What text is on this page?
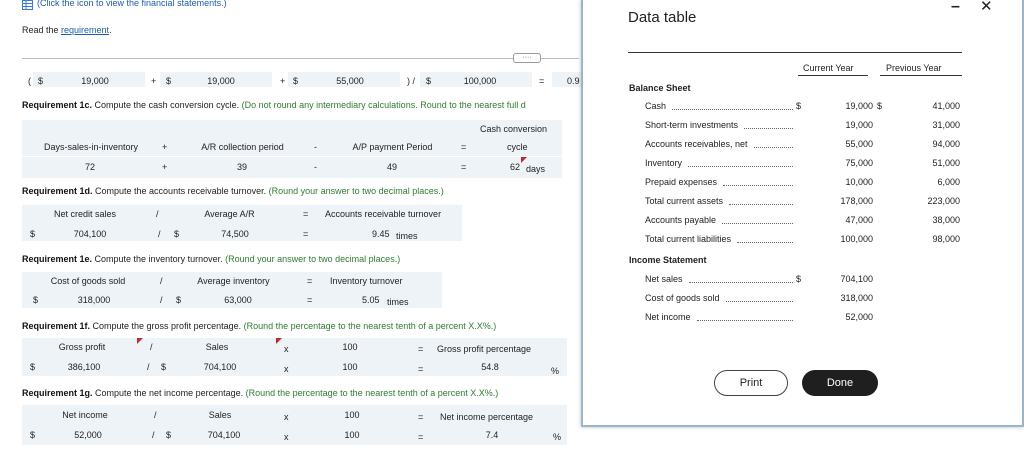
(Click the icon to view the financial statements.)
Read the requirement.
····
( $	19,000	+ $	19,000	+ $	55,000	) / $	100,000	=	0.9
Requirement 1c. Compute the cash conversion cycle. (Do not round any intermediary calculations. Round to the nearest full d
Days-sales-in-inventory	+	A/R collection period	-	A/P payment Period	=
Cash conversion
cycle
72	+	39	-	49	=	62 days
Requirement 1d. Compute the accounts receivable turnover. (Round your answer to two decimal places.)
Net credit sales	/	Average A/R	= Accounts receivable turnover
$	704,100	/ $	74,500	=	9.45 times
Requirement 1e. Compute the inventory turnover. (Round your answer to two decimal places.)
Cost of goods sold	/	Average inventory	= Inventory turnover
$	318,000	/ $	63,000	=	5.05 times
Requirement 1f. Compute the gross profit percentage. (Round the percentage to the nearest tenth of a percent X.X%.)
Gross profit	/	Sales	x	100	= Gross profit percentage
$	386,100	/ $	704,100	x	100	=	54.8	%
Requirement 1g. Compute the net income percentage. (Round the percentage to the nearest tenth of a percent X.X%.)
Net income	/	Sales	x	100	= Net income percentage
$	52,000	/ $	704,100	x	100	=	7.4	%
Data table
– ✕
Current Year	Previous Year
Balance Sheet
Cash	$	19,000 $	41,000
Short-term investments	19,000	31,000
Accounts receivables, net	55,000	94,000
Inventory	75,000	51,000
Prepaid expenses	10,000	6,000
Total current assets	178,000	223,000
Accounts payable	47,000	38,000
Total current liabilities	100,000	98,000
Income Statement
Net sales	$	704,100
Cost of goods sold	318,000
Net income	52,000
Print	Done
